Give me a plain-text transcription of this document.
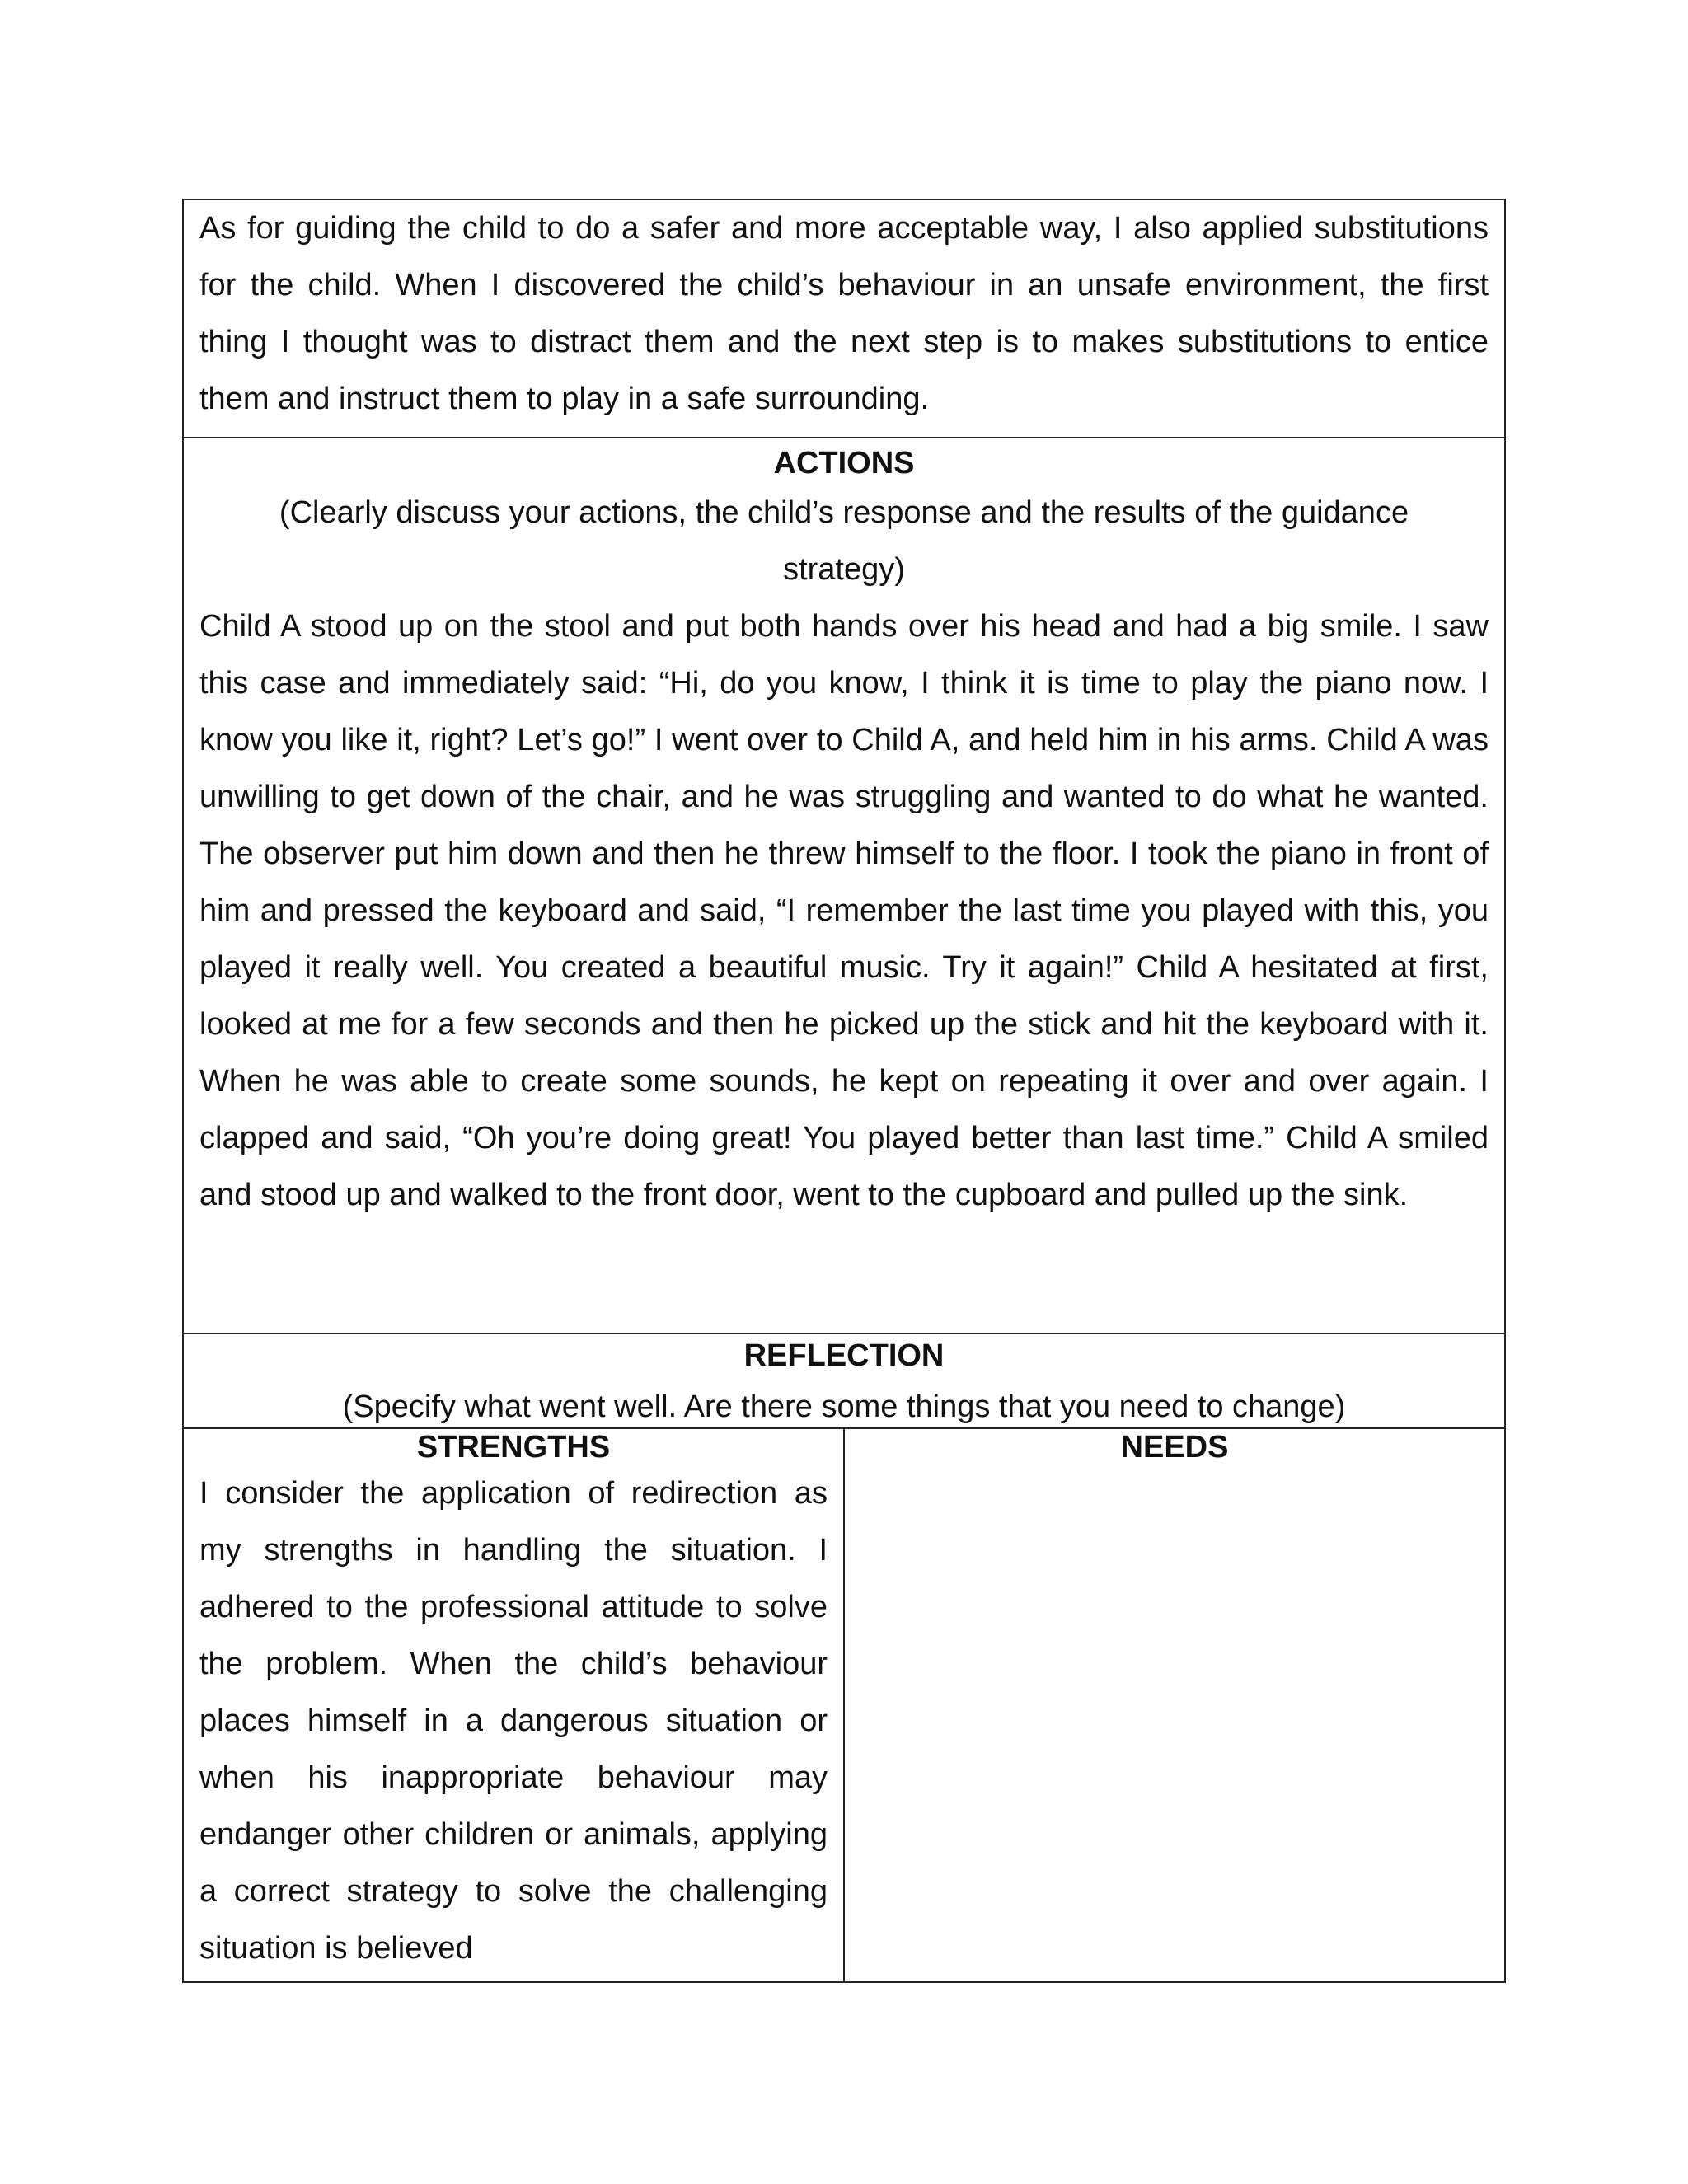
As for guiding the child to do a safer and more acceptable way, I also applied substitutions for the child. When I discovered the child’s behaviour in an unsafe environment, the first thing I thought was to distract them and the next step is to makes substitutions to entice them and instruct them to play in a safe surrounding.

ACTIONS

(Clearly discuss your actions, the child’s response and the results of the guidance strategy)

Child A stood up on the stool and put both hands over his head and had a big smile. I saw this case and immediately said: “Hi, do you know, I think it is time to play the piano now. I know you like it, right? Let’s go!” I went over to Child A, and held him in his arms. Child A was unwilling to get down of the chair, and he was struggling and wanted to do what he wanted. The observer put him down and then he threw himself to the floor. I took the piano in front of him and pressed the keyboard and said, “I remember the last time you played with this, you played it really well. You created a beautiful music. Try it again!” Child A hesitated at first, looked at me for a few seconds and then he picked up the stick and hit the keyboard with it. When he was able to create some sounds, he kept on repeating it over and over again. I clapped and said, “Oh you’re doing great! You played better than last time.” Child A smiled and stood up and walked to the front door, went to the cupboard and pulled up the sink.

REFLECTION

(Specify what went well. Are there some things that you need to change)

STRENGTHS

I consider the application of redirection as my strengths in handling the situation. I adhered to the professional attitude to solve the problem. When the child’s behaviour places himself in a dangerous situation or when his inappropriate behaviour may endanger other children or animals, applying a correct strategy to solve the challenging situation is believed

NEEDS
